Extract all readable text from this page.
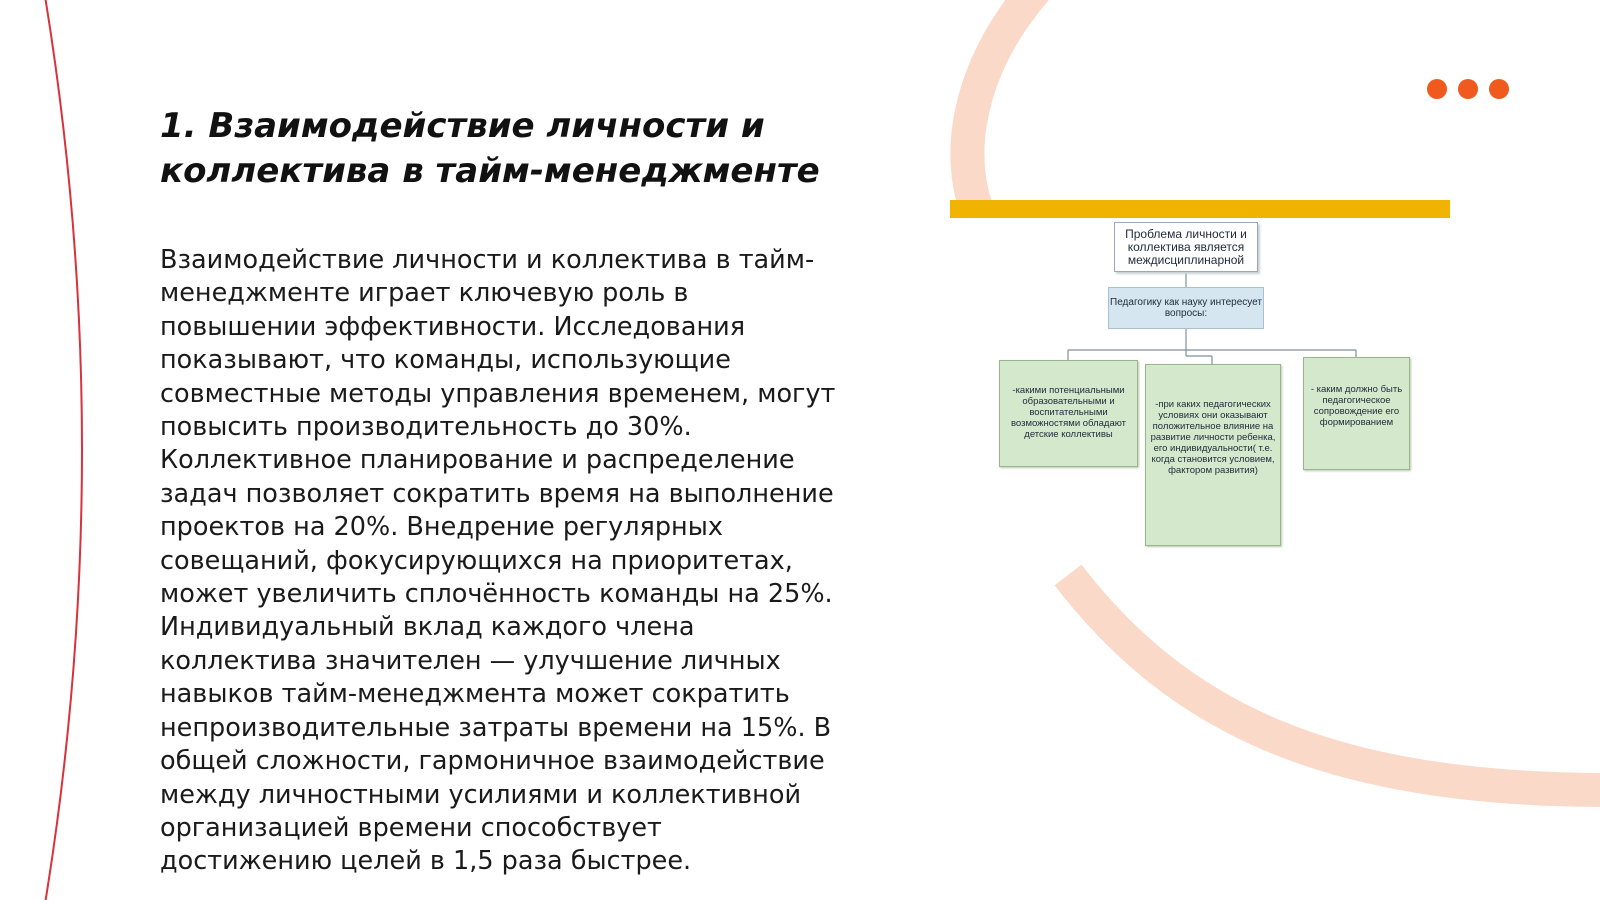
1. Взаимодействие личности и коллектива в тайм-менеджменте

Взаимодействие личности и коллектива в тайм-менеджменте играет ключевую роль в повышении эффективности. Исследования показывают, что команды, использующие совместные методы управления временем, могут повысить производительность до 30%. Коллективное планирование и распределение задач позволяет сократить время на выполнение проектов на 20%. Внедрение регулярных совещаний, фокусирующихся на приоритетах, может увеличить сплочённость команды на 25%. Индивидуальный вклад каждого члена коллектива значителен — улучшение личных навыков тайм-менеджмента может сократить непроизводительные затраты времени на 15%. В общей сложности, гармоничное взаимодействие между личностными усилиями и коллективной организацией времени способствует достижению целей в 1,5 раза быстрее.

Проблема личности и коллектива является междисциплинарной
Педагогику как науку интересует вопросы:
-какими потенциальными образовательными и воспитательными возможностями обладают детские коллективы
-при каких педагогических условиях они оказывают положительное влияние на развитие личности ребенка, его индивидуальности( т.е. когда становится условием, фактором развития)
- каким должно быть педагогическое сопровождение его формированием
